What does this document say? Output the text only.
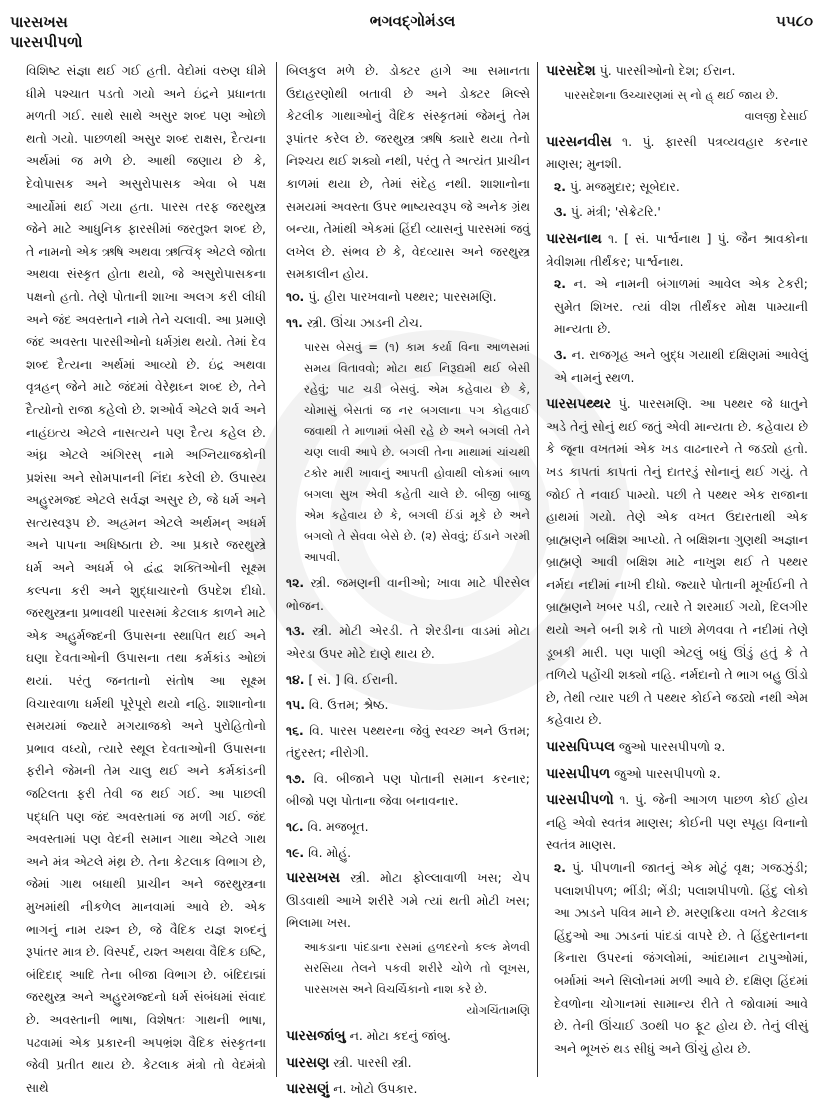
પારસખસ
પારસપીપળો
ભગવદ્ગોમંડલ	૫૫૮૦

વિશિષ્ટ સંજ્ઞા થઈ ગઈ હતી. વેદોમાં વરુણ ધીમે ધીમે પશ્ચાત પડતો ગયો અને ઇંદ્રને પ્રધાનતા મળતી ગઈ. સાથે સાથે અસુર શબ્દ પણ ઓછો થતો ગયો. પાછળથી અસુર શબ્દ રાક્ષસ, દૈત્યના અર્થમાં જ મળે છે. આથી જણાય છે કે, દેવોપાસક અને અસુરોપાસક એવા બે પક્ષ આર્યોમાં થઈ ગયા હતા. પારસ તરફ જરથુસ્ત્ર જેને માટે આધુનિક ફારસીમાં જરતુશ્ત શબ્દ છે, તે નામનો એક ઋષિ અથવા ઋત્વિક્ એટલે જોતા અથવા સંસ્કૃત હોતા થયો, જે અસુરોપાસકના પક્ષનો હતો. તેણે પોતાની શાખા અલગ કરી લીધી અને જંદ અવસ્તાને નામે તેને ચલાવી. આ પ્રમાણે જંદ અવસ્તા પારસીઓનો ધર્મગ્રંથ થયો. તેમાં દેવ શબ્દ દૈત્યના અર્થમાં આવ્યો છે. ઇંદ્ર અથવા વૃત્રહન્ જેને માટે જંદમાં વેરેથ્રઘ્ન શબ્દ છે, તેને દૈત્યોનો રાજા કહેલો છે. શઓર્વ એટલે શર્વ અને નાહંઇત્ય એટલે નાસત્યને પણ દૈત્ય કહેલ છે. અંઘ્ર એટલે અંગિરસ્ નામે અગ્નિયાજકોની પ્રશંસા અને સોમપાનની નિંદા કરેલી છે. ઉપાસ્ય અહુરમજ્દ એટલે સર્વજ્ઞ અસુર છે, જે ધર્મ અને સત્યસ્વરૂપ છે. અહ્રમન એટલે અર્થમન્ અધર્મ અને પાપના અધિષ્ઠાતા છે. આ પ્રકારે જરથુસ્ત્રે ધર્મ અને અધર્મ બે દ્વંદ્વ શક્તિઓની સૂક્ષ્મ કલ્પના કરી અને શુદ્ધાચારનો ઉપદેશ દીધો. જરથુસ્ત્રના પ્રભાવથી પારસમાં કેટલાક કાળને માટે એક અહુર્મજ્દની ઉપાસના સ્થાપિત થઈ અને ઘણા દેવતાઓની ઉપાસના તથા કર્મકાંડ ઓછાં થયાં. પરંતુ જનતાનો સંતોષ આ સૂક્ષ્મ વિચારવાળા ધર્મથી પૂરેપૂરો થયો નહિ. શાશાનોના સમયમાં જ્યારે મગયાજકો અને પુરોહિતોનો પ્રભાવ વધ્યો, ત્યારે સ્થૂલ દેવતાઓની ઉપાસના ફરીને જેમની તેમ ચાલુ થઈ અને કર્મકાંડની જટિલતા ફરી તેવી જ થઈ ગઈ. આ પાછલી પદ્ધતિ પણ જંદ અવસ્તામાં જ મળી ગઈ. જંદ અવસ્તામાં પણ વેદની સમાન ગાથા એટલે ગાથ અને મંત્ર એટલે મંથ્ર છે. તેના કેટલાક વિભાગ છે, જેમાં ગાથ બધાથી પ્રાચીન અને જરથુસ્ત્રના મુખમાંથી નીકળેલ માનવામાં આવે છે. એક ભાગનું નામ યશ્ન છે, જે વૈદિક યજ્ઞ શબ્દનું રૂપાંતર માત્ર છે. વિસ્પર્દ, યશ્ત અથવા વૈદિક ઇષ્ટિ, બંદિદાદ્ આદિ તેના બીજા વિભાગ છે. બંદિદાદ્માં જરથુસ્ત્ર અને અહુરમજ્દનો ધર્મ સંબંધમાં સંવાદ છે. અવસ્તાની ભાષા, વિશેષતઃ ગાથની ભાષા, પઢવામાં એક પ્રકારની અપભ્રંશ વૈદિક સંસ્કૃતના જેવી પ્રતીત થાય છે. કેટલાક મંત્રો તો વેદમંત્રો સાથે

બિલકુલ મળે છે. ડોક્ટર હાગે આ સમાનતા ઉદાહરણોથી બતાવી છે અને ડોક્ટર મિલ્સે કેટલીક ગાથાઓનું વૈદિક સંસ્કૃતમાં જેમનું તેમ રૂપાંતર કરેલ છે. જરથુસ્ત્ર ઋષિ ક્યારે થયા તેનો નિશ્ચય થઈ શક્યો નથી, પરંતુ તે અત્યંત પ્રાચીન કાળમાં થયા છે, તેમાં સંદેહ નથી. શાશાનોના સમયમાં અવસ્તા ઉપર ભાષ્યસ્વરૂપ જે અનેક ગ્રંથ બન્યા, તેમાંથી એકમાં હિંદી વ્યાસનું પારસમાં જવું લખેલ છે. સંભવ છે કે, વેદવ્યાસ અને જરથુસ્ત્ર સમકાલીન હોય.

૧૦. પું. હીરા પારખવાનો પથ્થર; પારસમણિ.
૧૧. સ્ત્રી. ઊંચા ઝાડની ટોચ.
પારસ બેસવું = (૧) કામ કર્યા વિના આળસમાં સમય વિતાવવો; મોટા થઈ નિરૂદ્યમી થઈ બેસી રહેવું; પાટ ચડી બેસવું. એમ કહેવાય છે કે, ચોમાસું બેસતાં જ નર બગલાના પગ કોહવાઈ જવાથી તે માળામાં બેસી રહે છે અને બગલી તેને ચણ લાવી આપે છે. બગલી તેના માથામાં ચાંચથી ટકોર મારી ખાવાનું આપતી હોવાથી લોકમાં બાળ બગલા સુખ એવી કહેતી ચાલે છે. બીજી બાજુ એમ કહેવાય છે કે, બગલી ઈંડાં મૂકે છે અને બગલો તે સેવવા બેસે છે. (૨) સેવવું; ઈંડાને ગરમી આપવી.
૧૨. સ્ત્રી. જમણની વાનીઓ; ખાવા માટે પીરસેલ ભોજન.
૧૩. સ્ત્રી. મોટી એરડી. તે શેરડીના વાડમાં મોટા એરડા ઉપર મોટે દાણે થાય છે.
૧૪. [ સં. ] વિ. ઈરાની.
૧૫. વિ. ઉત્તમ; શ્રેષ્ઠ.
૧૬. વિ. પારસ પથ્થરના જેવું સ્વચ્છ અને ઉત્તમ; તંદુરસ્ત; નીરોગી.
૧૭. વિ. બીજાને પણ પોતાની સમાન કરનાર; બીજો પણ પોતાના જેવા બનાવનાર.
૧૮. વિ. મજબૂત.
૧૯. વિ. મોહું.
પારસખસ સ્ત્રી. મોટા ફોલ્લાવાળી ખસ; ચેપ ઊડવાથી આખે શરીરે ગમે ત્યાં થતી મોટી ખસ; ભિલામા ખસ.
આકડાના પાંદડાના રસમાં હળદરનો કલ્ક મેળવી સરસિયા તેલને પકવી શરીરે ચોળે તો લૂખસ, પારસખસ અને વિચર્ચિકાનો નાશ કરે છે.
યોગચિંતામણિ
પારસજાંબુ ન. મોટા કદનું જાંબુ.
પારસણ સ્ત્રી. પારસી સ્ત્રી.
પારસણું ન. ખોટો ઉપકાર.
પારસદેશ પું. પારસીઓનો દેશ; ઈરાન.
પારસદેશના ઉચ્ચારણમાં સ્ નો હ્ થઈ જાય છે.
વાલજી દેસાઈ
પારસનવીસ ૧. પું. ફારસી પત્રવ્યવહાર કરનાર માણસ; મુનશી.
૨. પું. મજમુદાર; સૂબેદાર.
૩. પું. મંત્રી; 'સેક્રેટરિ.'
પારસનાથ ૧. [ સં. પાર્શ્વનાથ ] પું. જૈન શ્રાવકોના ત્રેવીશમા તીર્થંકર; પાર્શ્વનાથ.
૨. ન. એ નામની બંગાળમાં આવેલ એક ટેકરી; સુમેત શિખર. ત્યાં વીશ તીર્થંકર મોક્ષ પામ્યાની માન્યતા છે.
૩. ન. રાજગૃહ અને બુદ્ધ ગયાથી દક્ષિણમાં આવેલું એ નામનું સ્થળ.
પારસપથ્થર પું. પારસમણિ. આ પથ્થર જે ધાતુને અડે તેનું સોનું થઈ જતું એવી માન્યતા છે. કહેવાય છે કે જૂના વખતમાં એક ખડ વાઢનારને તે જડ્યો હતો. ખડ કાપતાં કાપતાં તેનું દાતરડું સોનાનું થઈ ગયું. તે જોઈ તે નવાઈ પામ્યો. પછી તે પથ્થર એક રાજાના હાથમાં ગયો. તેણે એક વખત ઉદારતાથી એક બ્રાહ્મણને બક્ષિશ આપ્યો. તે બક્ષિશના ગુણથી અજ્ઞાન બ્રાહ્મણે આવી બક્ષિશ માટે નાખુશ થઈ તે પથ્થર નર્મદા નદીમાં નાખી દીધો. જ્યારે પોતાની મૂર્ખાઈની તે બ્રાહ્મણને ખબર પડી, ત્યારે તે શરમાઈ ગયો, દિલગીર થયો અને બની શકે તો પાછો મેળવવા તે નદીમાં તેણે ડૂબકી મારી. પણ પાણી એટલું બધું ઊંડું હતું કે તે તળિયે પહોંચી શક્યો નહિ. નર્મદાનો તે ભાગ બહુ ઊંડો છે, તેથી ત્યાર પછી તે પથ્થર કોઈને જડ્યો નથી એમ કહેવાય છે.
પારસપિપ્પલ જુઓ પારસપીપળો ૨.
પારસપીપળ જુઓ પારસપીપળો ૨.
પારસપીપળો ૧. પું. જેની આગળ પાછળ કોઈ હોય નહિ એવો સ્વતંત્ર માણસ; કોઈની પણ સ્પૃહા વિનાનો સ્વતંત્ર માણસ.
૨. પું. પીપળાની જાતનું એક મોટું વૃક્ષ; ગજઝુંડી; પલાશપીપળ; ભીંડી; ભેંડી; પલાશપીપળો. હિંદુ લોકો આ ઝાડને પવિત્ર માને છે. મરણક્રિયા વખતે કેટલાક હિંદુઓ આ ઝાડનાં પાંદડાં વાપરે છે. તે હિંદુસ્તાનના કિનારા ઉપરનાં જંગલોમાં, આંદામાન ટાપુઓમાં, બર્મામાં અને સિલોનમાં મળી આવે છે. દક્ષિણ હિંદમાં દેવળોના ચોગાનમાં સામાન્ય રીતે તે જોવામાં આવે છે. તેની ઊંચાઈ ૩૦થી ૫૦ ફૂટ હોય છે. તેનું લીસું અને ભૂખરું થડ સીધું અને ઊંચું હોય છે.
